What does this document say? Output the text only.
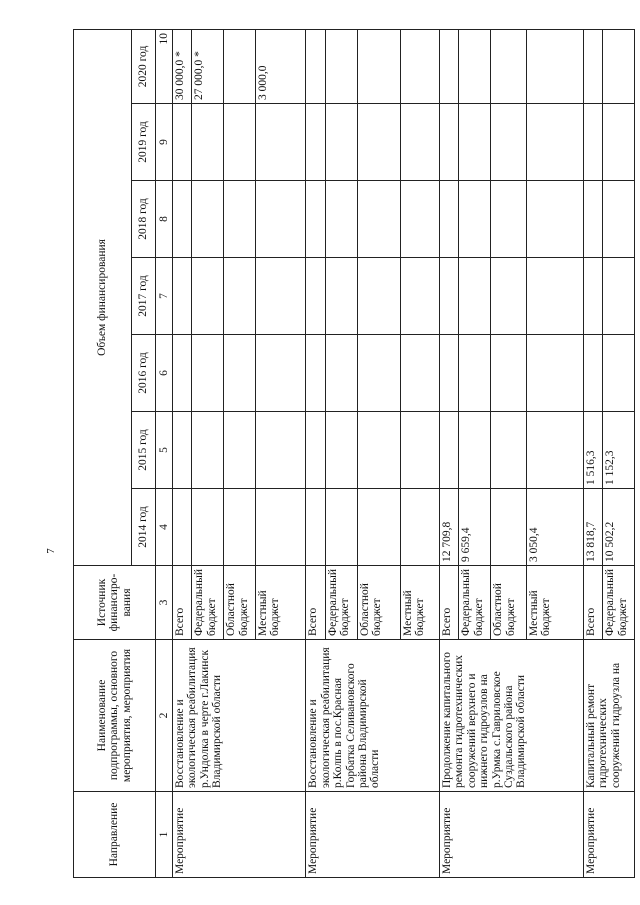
7
Направление	Наименование подпрограммы, основного мероприятия, мероприятия	Источник финансиро-вания	Объем финансирования						
			2014 год	2015 год	2016 год	2017 год	2018 год	2019 год	2020 год
1	2	3	4	5	6	7	8	9	10
Мероприятие	Восстановление и экологическая реабилитация р.Ундолка в черте г.Лакинск Владимирской области	Всего							30 000,0 *
		Федеральный бюджет							27 000,0 *
		Областной бюджет							
		Местный бюджет							3 000,0
Мероприятие	Восстановление и экологическая реабилитация р.Колпь в пос.Красная Горбатка Селивановского района Владимирской области	Всего							
		Федеральный бюджет							
		Областной бюджет							
		Местный бюджет							
Мероприятие	Продолжение капитального ремонта гидротехнических сооружений верхнего и нижнего гидроузлов на р.Урмка с.Гавриловское Суздальского района Владимирской области	Всего	12 709,8						
		Федеральный бюджет	9 659,4						
		Областной бюджет							
		Местный бюджет	3 050,4						
Мероприятие	Капитальный ремонт гидротехнических сооружений гидроузла на	Всего	13 818,7	1 516,3					
		Федеральный бюджет	10 502,2	1 152,3					
